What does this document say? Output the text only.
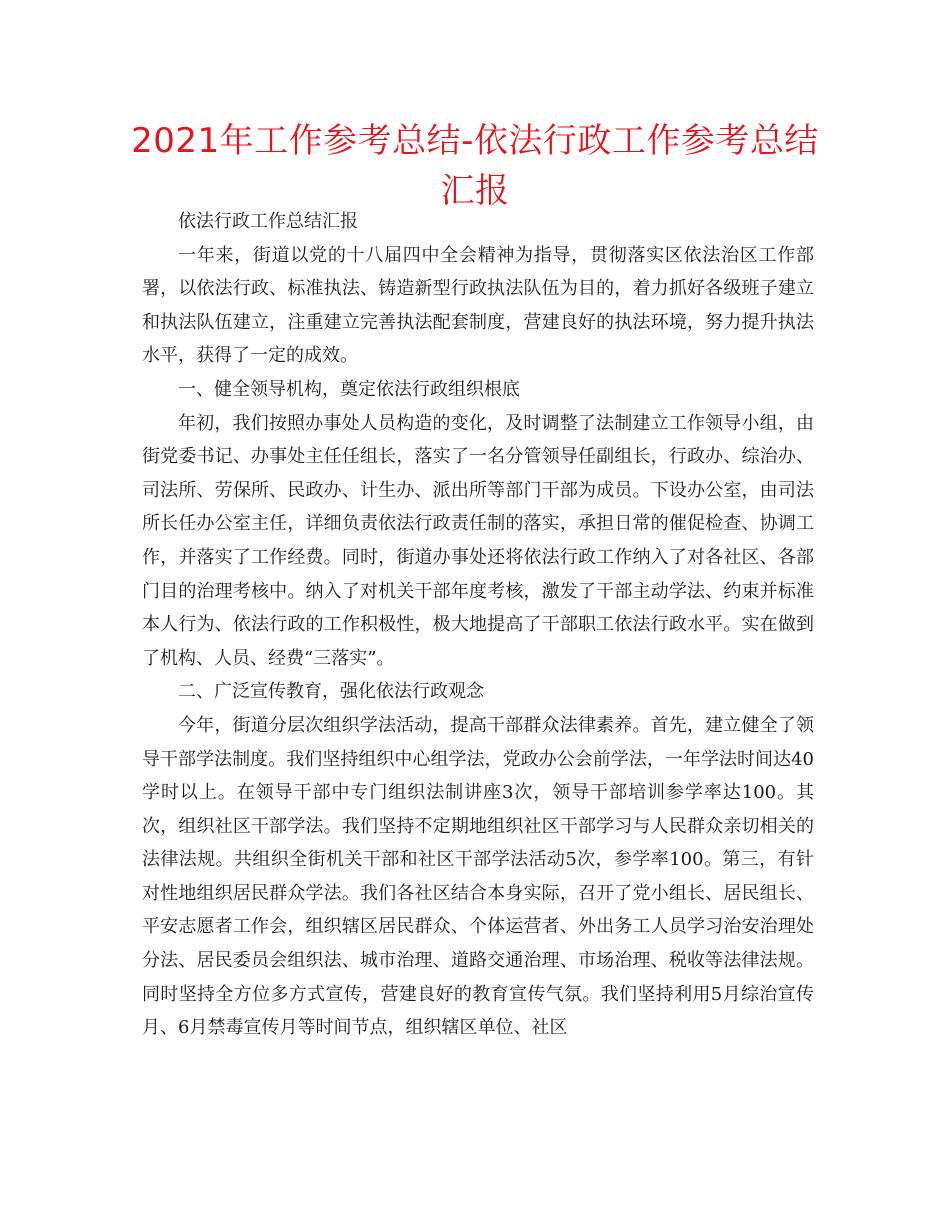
2021年工作参考总结-依法行政工作参考总结汇报

依法行政工作总结汇报

一年来，街道以党的十八届四中全会精神为指导，贯彻落实区依法治区工作部署，以依法行政、标准执法、铸造新型行政执法队伍为目的，着力抓好各级班子建立和执法队伍建立，注重建立完善执法配套制度，营建良好的执法环境，努力提升执法水平，获得了一定的成效。

一、健全领导机构，奠定依法行政组织根底

年初，我们按照办事处人员构造的变化，及时调整了法制建立工作领导小组，由街党委书记、办事处主任任组长，落实了一名分管领导任副组长，行政办、综治办、司法所、劳保所、民政办、计生办、派出所等部门干部为成员。下设办公室，由司法所长任办公室主任，详细负责依法行政责任制的落实，承担日常的催促检查、协调工作，并落实了工作经费。同时，街道办事处还将依法行政工作纳入了对各社区、各部门目的治理考核中。纳入了对机关干部年度考核，激发了干部主动学法、约束并标准本人行为、依法行政的工作积极性，极大地提高了干部职工依法行政水平。实在做到了机构、人员、经费“三落实”。

二、广泛宣传教育，强化依法行政观念

今年，街道分层次组织学法活动，提高干部群众法律素养。首先，建立健全了领导干部学法制度。我们坚持组织中心组学法，党政办公会前学法，一年学法时间达40学时以上。在领导干部中专门组织法制讲座3次，领导干部培训参学率达100。其次，组织社区干部学法。我们坚持不定期地组织社区干部学习与人民群众亲切相关的法律法规。共组织全街机关干部和社区干部学法活动5次，参学率100。第三，有针对性地组织居民群众学法。我们各社区结合本身实际，召开了党小组长、居民组长、平安志愿者工作会，组织辖区居民群众、个体运营者、外出务工人员学习治安治理处分法、居民委员会组织法、城市治理、道路交通治理、市场治理、税收等法律法规。同时坚持全方位多方式宣传，营建良好的教育宣传气氛。我们坚持利用5月综治宣传月、6月禁毒宣传月等时间节点，组织辖区单位、社区
